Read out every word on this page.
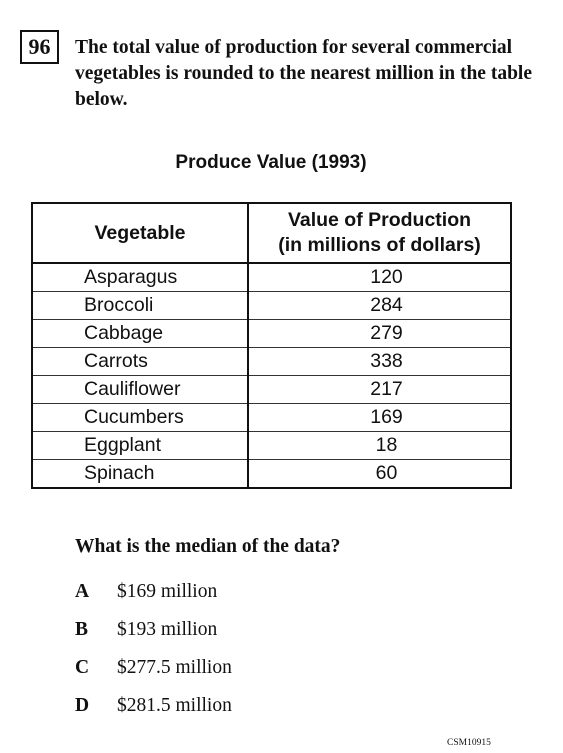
96	The total value of production for several commercial vegetables is rounded to the nearest million in the table below.
Produce Value (1993)
Vegetable	Value of Production
(in millions of dollars)
Asparagus	120
Broccoli	284
Cabbage	279
Carrots	338
Cauliflower	217
Cucumbers	169
Eggplant	18
Spinach	60
What is the median of the data?
A $169 million
B $193 million
C $277.5 million
D $281.5 million
CSM10915
